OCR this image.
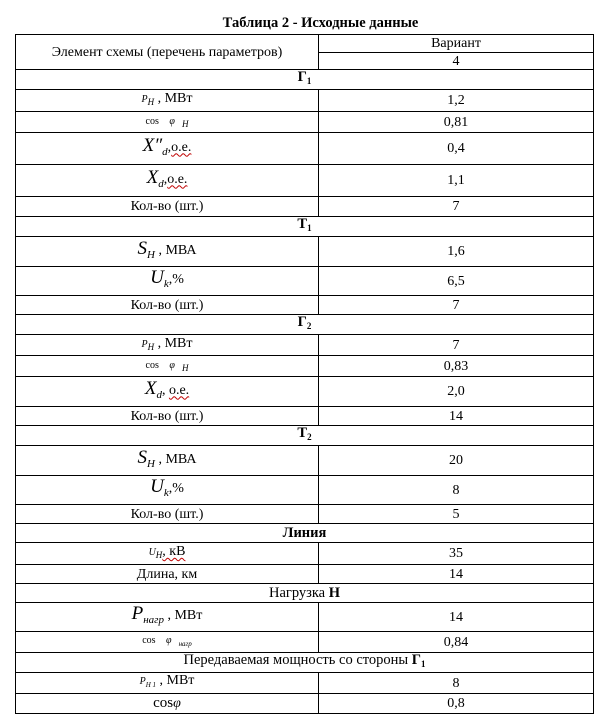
Таблица 2 - Исходные данные
Элемент схемы (перечень параметров)	Вариант
	4
$Г_1$
$P_Н$ , МВт	1,2
cos φ $_Н$	0,81
$X''_d,о.е$.	0,4
$X_d,о.е$.	1,1
Кол-во (шт.)	7
$Т_1$
$S_Н$ , МВА	1,6
$U_k,\%$	6,5
Кол-во (шт.)	7
$Г_2$
$P_Н$ , МВт	7
cos φ $_Н$	0,83
$X_d$, о.е.	2,0
Кол-во (шт.)	14
$Т_2$
$S_Н$ , МВА	20
$U_k,\%$	8
Кол-во (шт.)	5
Линия	
$U_Н$, кВ	35
Длина, км	14
Нагрузка Н	
$P_{нагр}$ , МВт	14
cos φ $_{нагр}$	0,84
Передаваемая мощность со стороны $Г_1$
$P_{Н 1}$ , МВт	8
cosφ	0,8
